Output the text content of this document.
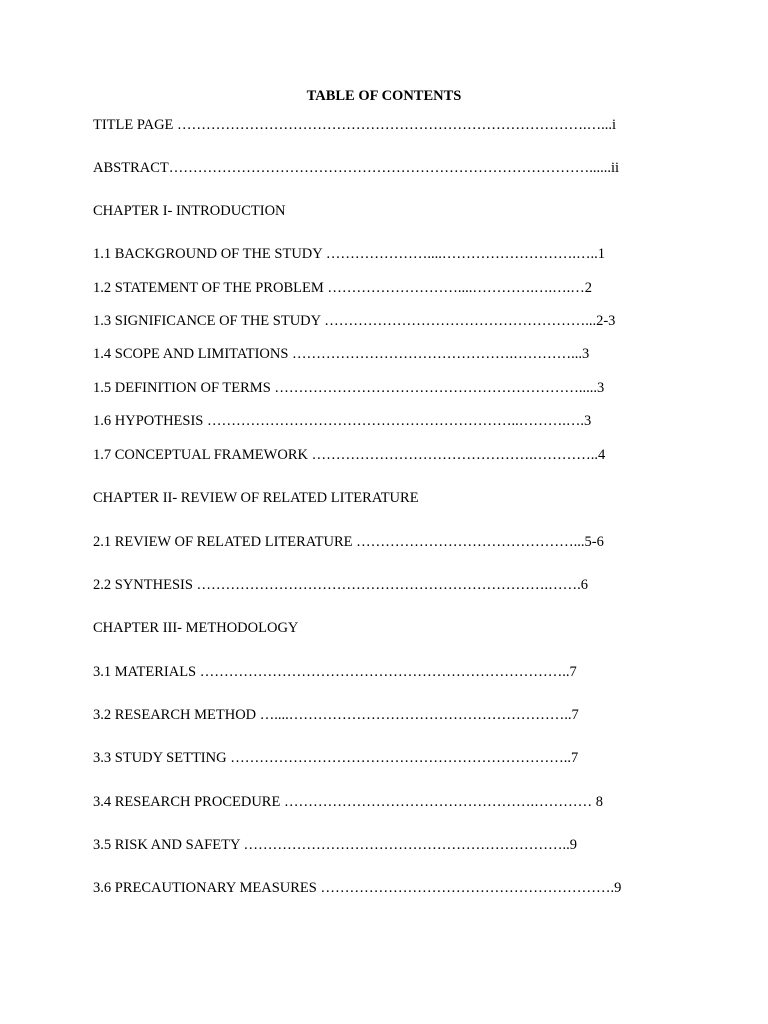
TABLE OF CONTENTS
TITLE PAGE ………………………………………………………………………….…...i
ABSTRACT……………………………………………………………………………......ii
CHAPTER I- INTRODUCTION
1.1 BACKGROUND OF THE STUDY …………………....……………………….…..1
1.2 STATEMENT OF THE PROBLEM ………………………....………….….….…2
1.3 SIGNIFICANCE OF THE STUDY ………………………………………………...2-3
1.4 SCOPE AND LIMITATIONS ……………………………………….…………...3
1.5 DEFINITION OF TERMS ……………………………………………………….....3
1.6 HYPOTHESIS ………………………………………………………..……….….3
1.7 CONCEPTUAL FRAMEWORK ……………………………………….…………..4
CHAPTER II- REVIEW OF RELATED LITERATURE
2.1 REVIEW OF RELATED LITERATURE ………………………………………...5-6
2.2 SYNTHESIS ……………………………………………………………….…….6
CHAPTER III- METHODOLOGY
3.1 MATERIALS …………………………………………………………………..7
3.2 RESEARCH METHOD …....…………………………………………………..7
3.3 STUDY SETTING ……………………………………………………………..7
3.4 RESEARCH PROCEDURE …………………………………………….………… 8
3.5 RISK AND SAFETY …………………………………………………………..9
3.6 PRECAUTIONARY MEASURES …………………………………………………….9
